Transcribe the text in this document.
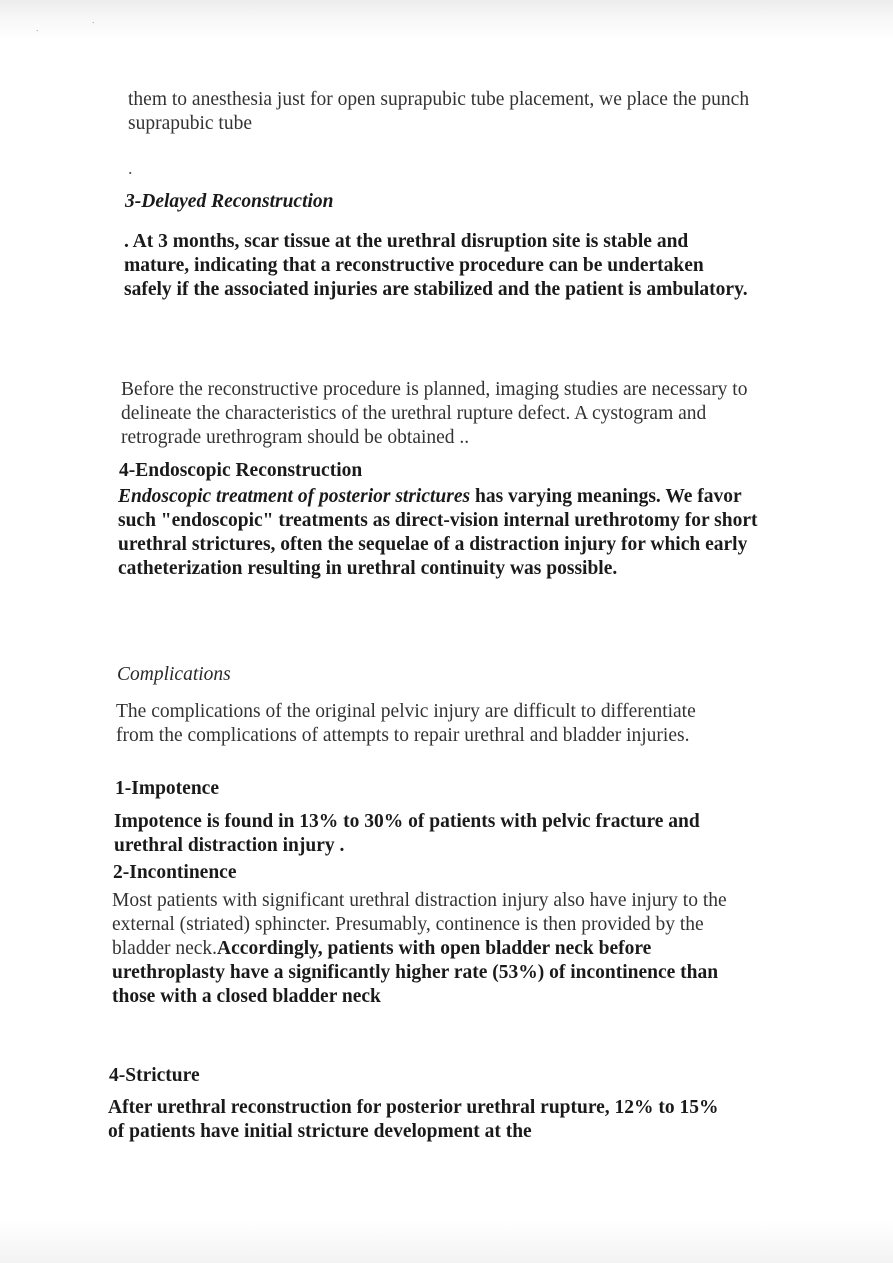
∙
∙

them to anesthesia just for open suprapubic tube placement, we place the punch suprapubic tube

.

3-Delayed Reconstruction

. At 3 months, scar tissue at the urethral disruption site is stable and mature, indicating that a reconstructive procedure can be undertaken safely if the associated injuries are stabilized and the patient is ambulatory.

Before the reconstructive procedure is planned, imaging studies are necessary to delineate the characteristics of the urethral rupture defect. A cystogram and retrograde urethrogram should be obtained ..

4-Endoscopic Reconstruction

Endoscopic treatment of posterior strictures has varying meanings. We favor such "endoscopic" treatments as direct-vision internal urethrotomy for short urethral strictures, often the sequelae of a distraction injury for which early catheterization resulting in urethral continuity was possible.

Complications

The complications of the original pelvic injury are difficult to differentiate from the complications of attempts to repair urethral and bladder injuries.

1-Impotence

Impotence is found in 13% to 30% of patients with pelvic fracture and urethral distraction injury .

2-Incontinence

Most patients with significant urethral distraction injury also have injury to the external (striated) sphincter. Presumably, continence is then provided by the bladder neck.Accordingly, patients with open bladder neck before urethroplasty have a significantly higher rate (53%) of incontinence than those with a closed bladder neck

4-Stricture

After urethral reconstruction for posterior urethral rupture, 12% to 15% of patients have initial stricture development at the
